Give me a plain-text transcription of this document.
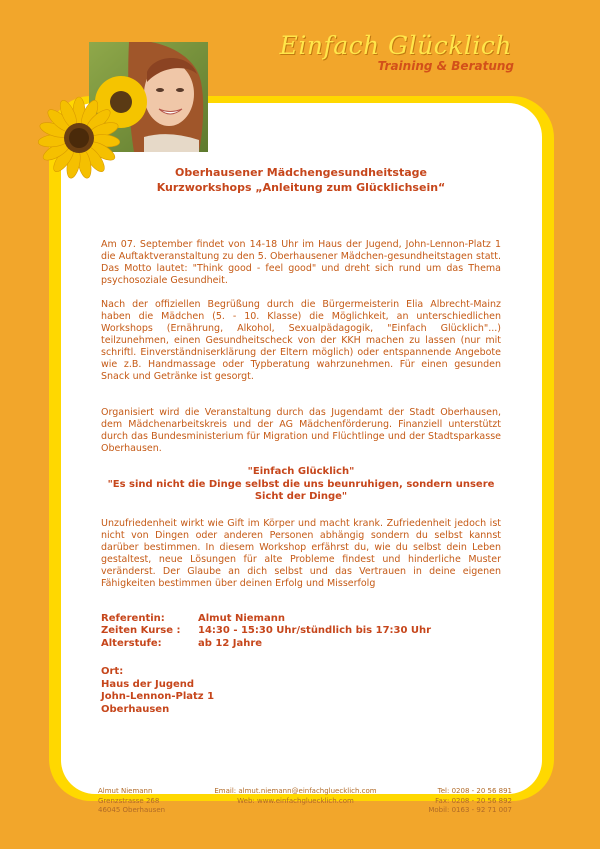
Einfach Glücklich
Training & Beratung
Oberhausener Mädchengesundheitstage
Kurzworkshops „Anleitung zum Glücklichsein“

Am 07. September findet von 14-18 Uhr im Haus der Jugend, John-Lennon-Platz 1 die Auftaktveranstaltung zu den 5. Oberhausener Mädchen-gesundheitstagen statt. Das Motto lautet: "Think good - feel good" und dreht sich rund um das Thema psychosoziale Gesundheit.

Nach der offiziellen Begrüßung durch die Bürgermeisterin Elia Albrecht-Mainz haben die Mädchen (5. - 10. Klasse) die Möglichkeit, an unterschiedlichen Workshops (Ernährung, Alkohol, Sexualpädagogik, "Einfach Glücklich"...) teilzunehmen, einen Gesundheitscheck von der KKH machen zu lassen (nur mit schriftl. Einverständniserklärung der Eltern möglich) oder entspannende Angebote wie z.B. Handmassage oder Typberatung wahrzunehmen. Für einen gesunden Snack und Getränke ist gesorgt.

Organisiert wird die Veranstaltung durch das Jugendamt der Stadt Oberhausen, dem Mädchenarbeitskreis und der AG Mädchenförderung. Finanziell unterstützt durch das Bundesministerium für Migration und Flüchtlinge und der Stadtsparkasse Oberhausen.

"Einfach Glücklich"
"Es sind nicht die Dinge selbst die uns beunruhigen, sondern unsere Sicht der Dinge"

Unzufriedenheit wirkt wie Gift im Körper und macht krank. Zufriedenheit jedoch ist nicht von Dingen oder anderen Personen abhängig sondern du selbst kannst darüber bestimmen. In diesem Workshop erfährst du, wie du selbst dein Leben gestaltest, neue Lösungen für alte Probleme findest und hinderliche Muster veränderst. Der Glaube an dich selbst und das Vertrauen in deine eigenen Fähigkeiten bestimmen über deinen Erfolg und Misserfolg

Referentin:	Almut Niemann
Zeiten Kurse :	14:30 - 15:30 Uhr/stündlich bis 17:30 Uhr
Alterstufe:	ab 12 Jahre
Ort:
Haus der Jugend
John-Lennon-Platz 1
Oberhausen
Almut Niemann
Grenzstrasse 268
46045 Oberhausen
Email: almut.niemann@einfachgluecklich.com
Web: www.einfachgluecklich.com
Tel: 0208 - 20 56 891
Fax: 0208 - 20 56 892
Mobil: 0163 - 92 71 007
